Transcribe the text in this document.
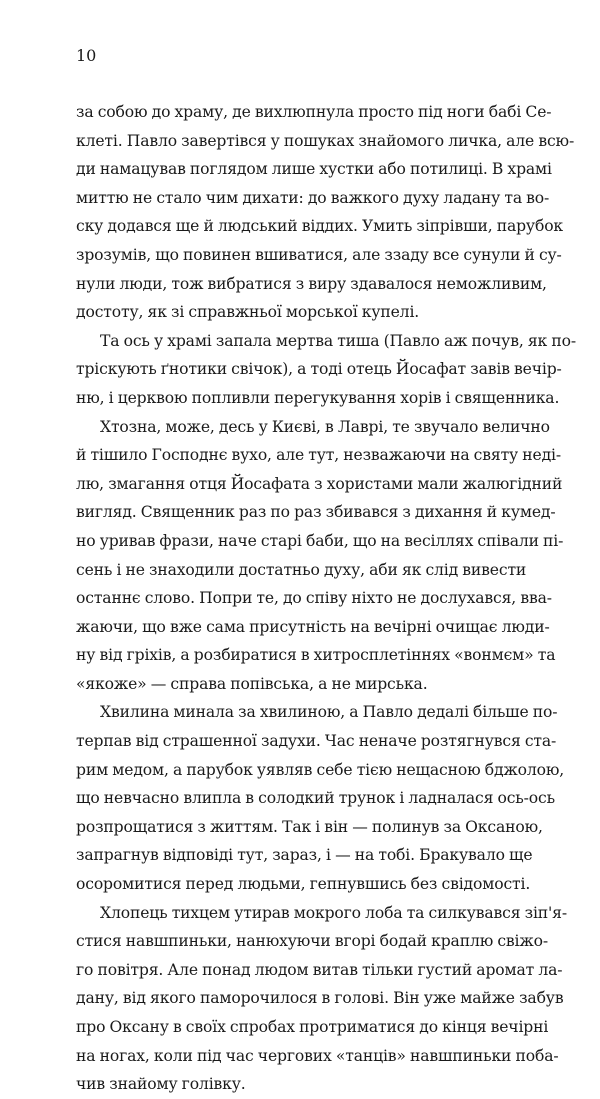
10
за собою до храму, де вихлюпнула просто під ноги бабі Се-
клеті. Павло завертівся у пошуках знайомого личка, але всю-
ди намацував поглядом лише хустки або потилиці. В храмі
миттю не стало чим дихати: до важкого духу ладану та во-
ску додався ще й людський віддих. Умить зіпрівши, парубок
зрозумів, що повинен вшиватися, але ззаду все сунули й су-
нули люди, тож вибратися з виру здавалося неможливим,
достоту, як зі справжньої морської купелі.
Та ось у храмі запала мертва тиша (Павло аж почув, як по-
тріскують ґнотики свічок), а тоді отець Йосафат завів вечір-
ню, і церквою попливли перегукування хорів і священника.
Хтозна, може, десь у Києві, в Лаврі, те звучало велично
й тішило Господнє вухо, але тут, незважаючи на святу неді-
лю, змагання отця Йосафата з хористами мали жалюгідний
вигляд. Священник раз по раз збивався з дихання й кумед-
но уривав фрази, наче старі баби, що на весіллях співали пі-
сень і не знаходили достатньо духу, аби як слід вивести
останнє слово. Попри те, до співу ніхто не дослухався, вва-
жаючи, що вже сама присутність на вечірні очищає люди-
ну від гріхів, а розбиратися в хитросплетіннях «вонмєм» та
«якоже» — справа попівська, а не мирська.
Хвилина минала за хвилиною, а Павло дедалі більше по-
терпав від страшенної задухи. Час неначе розтягнувся ста-
рим медом, а парубок уявляв себе тією нещасною бджолою,
що невчасно влипла в солодкий трунок і ладналася ось-ось
розпрощатися з життям. Так і він — полинув за Оксаною,
запрагнув відповіді тут, зараз, і — на тобі. Бракувало ще
осоромитися перед людьми, гепнувшись без свідомості.
Хлопець тихцем утирав мокрого лоба та силкувався зіп'я-
стися навшпиньки, нанюхуючи вгорі бодай краплю свіжо-
го повітря. Але понад людом витав тільки густий аромат ла-
дану, від якого паморочилося в голові. Він уже майже забув
про Оксану в своїх спробах протриматися до кінця вечірні
на ногах, коли під час чергових «танців» навшпиньки поба-
чив знайому голівку.
